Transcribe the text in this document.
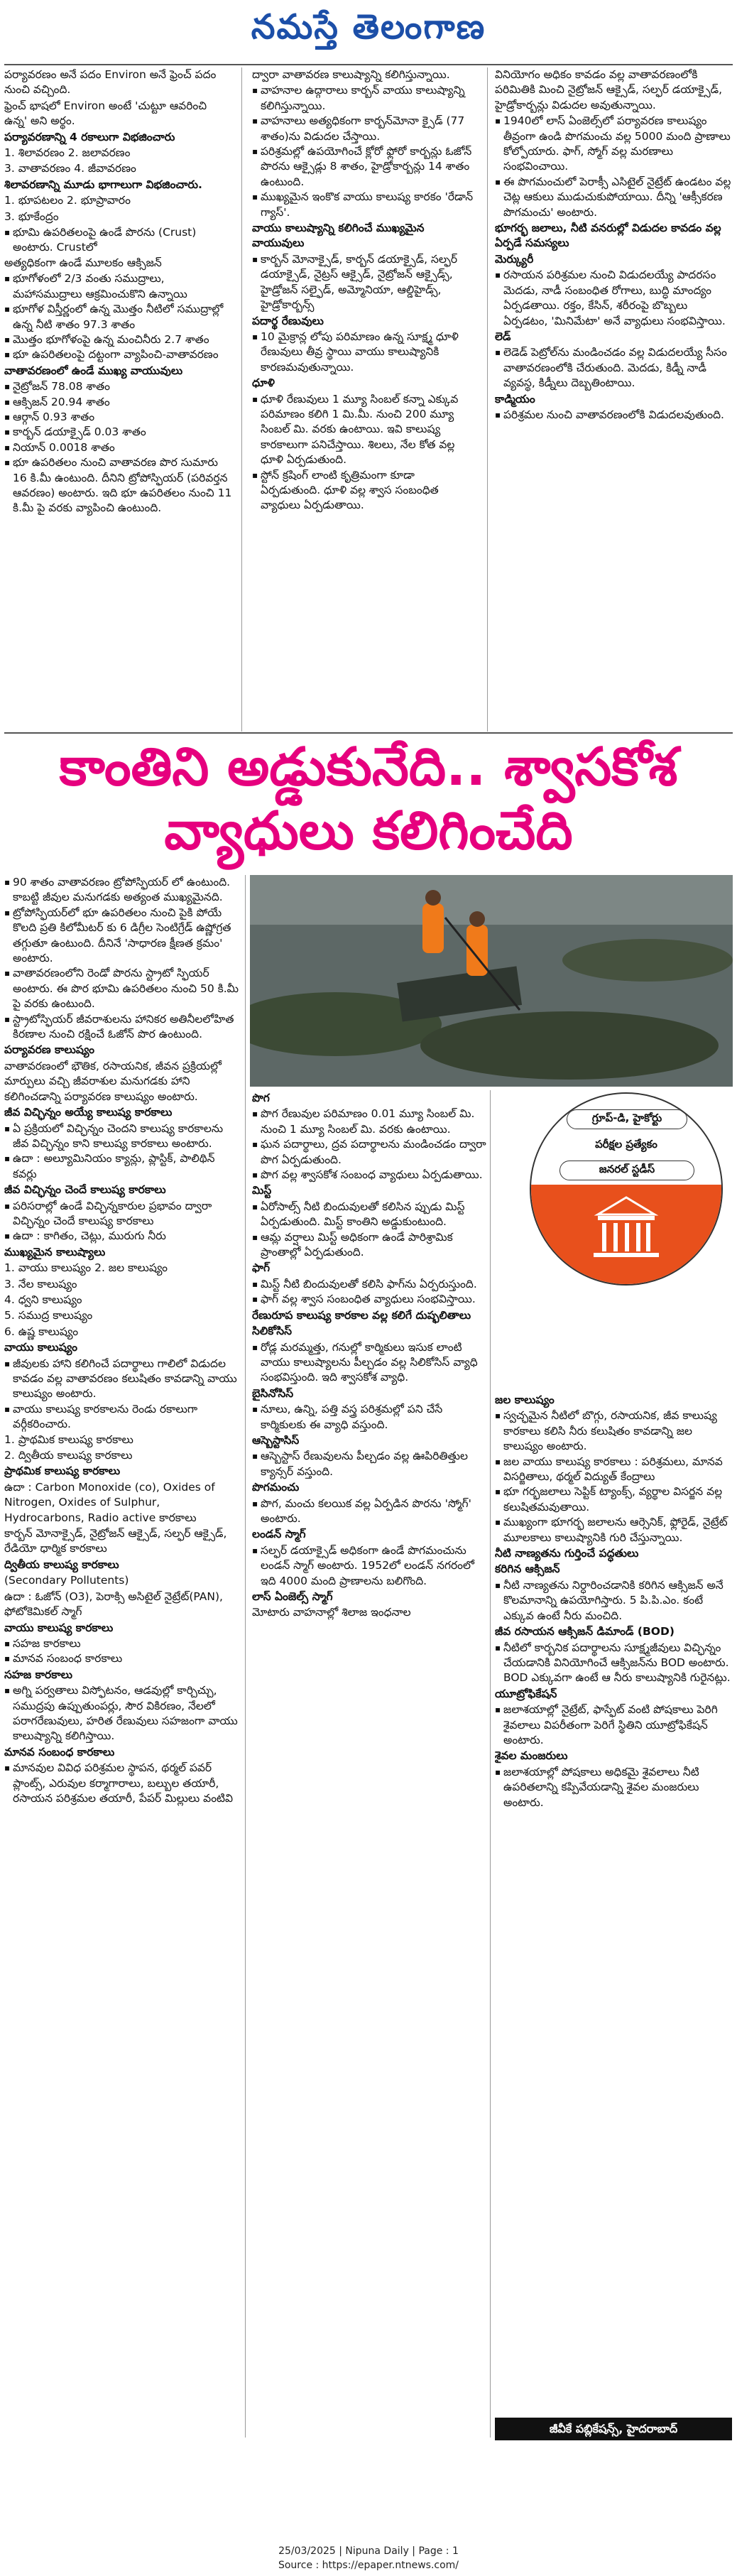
నమస్తే తెలంగాణ
పర్యావరణం అనే పదం Environ అనే ఫ్రెంచ్ పదం నుంచి వచ్చింది.
ఫ్రెంచ్ భాషలో Environ అంటే 'చుట్టూ ఆవరించి ఉన్న' అని అర్థం.
పర్యావరణాన్ని 4 రకాలుగా విభజించారు
1. శిలావరణం 2. జలావరణం
3. వాతావరణం 4. జీవావరణం
శిలావరణాన్ని మూడు భాగాలుగా విభజించారు.
1. భూపటలం 2. భూప్రావారం
3. భూకేంద్రం
▪ భూమి ఉపరితలంపై ఉండే పొరను (Crust) అంటారు. Crustలో
అత్యధికంగా ఉండే మూలకం ఆక్సిజన్
▪ భూగోళంలో 2/3 వంతు సముద్రాలు, మహాసముద్రాలు ఆక్రమించుకొని ఉన్నాయి
▪ భూగోళ విస్తీర్ణంలో ఉన్న మొత్తం నీటిలో సముద్రాల్లో ఉన్న నీటి శాతం 97.3 శాతం
▪ మొత్తం భూగోళంపై ఉన్న మంచినీరు 2.7 శాతం
▪ భూ ఉపరితలంపై దట్టంగా వ్యాపించి-వాతావరణం
వాతావరణంలో ఉండే ముఖ్య వాయువులు
▪ నైట్రోజన్ 78.08 శాతం
▪ ఆక్సిజన్ 20.94 శాతం
▪ ఆర్గాన్ 0.93 శాతం
▪ కార్బన్ డయాక్సైడ్ 0.03 శాతం
▪ నియాన్ 0.0018 శాతం
▪ భూ ఉపరితలం నుంచి వాతావరణ పొర సుమారు 16 కి.మీ ఉంటుంది. దీనిని ట్రోపోస్ఫియర్ (పరివర్తన ఆవరణం) అంటారు. ఇది భూ ఉపరితలం నుంచి 11 కి.మీ పై వరకు వ్యాపించి ఉంటుంది.
ద్వారా వాతావరణ కాలుష్యాన్ని కలిగిస్తున్నాయి.
▪ వాహనాల ఉద్గారాలు కార్బన్ వాయు కాలుష్యాన్ని కలిగిస్తున్నాయి.
▪ వాహనాలు అత్యధికంగా కార్బన్‌మోనా క్సైడ్ (77 శాతం)ను విడుదల చేస్తాయి.
▪ పరిశ్రమల్లో ఉపయోగించే క్లోరో ఫ్లోరో కార్బన్లు ఓజోన్ పొరను ఆక్సైడ్లు 8 శాతం, హైడ్రోకార్బన్లు 14 శాతం ఉంటుంది.
▪ ముఖ్యమైన ఇంకొక వాయు కాలుష్య కారకం 'రేడాన్ గ్యాస్'.
వాయు కాలుష్యాన్ని కలిగించే ముఖ్యమైన వాయువులు
▪ కార్బన్ మోనాక్సైడ్, కార్బన్ డయాక్సైడ్, సల్ఫర్ డయాక్సైడ్, నైట్రస్ ఆక్సైడ్, నైట్రోజన్ ఆక్సైడ్స్, హైడ్రోజన్ సల్ఫైడ్, అమ్మోనియా, ఆల్డిహైడ్స్, హైడ్రోకార్బన్స్
పదార్థ రేణువులు
▪ 10 మైక్రాన్ల లోపు పరిమాణం ఉన్న సూక్ష్మ ధూళి రేణువులు తీవ్ర స్థాయి వాయు కాలుష్యానికి కారణమవుతున్నాయి.
ధూళి
▪ ధూళి రేణువులు 1 మ్యూ సింబల్ కన్నా ఎక్కువ పరిమాణం కలిగి 1 మి.మీ. నుంచి 200 మ్యూ సింబల్ మి. వరకు ఉంటాయి. ఇవి కాలుష్య కారకాలుగా పనిచేస్తాయి. శిలలు, నేల కోత వల్ల ధూళి ఏర్పడుతుంది.
▪ స్టోన్ క్రషింగ్ లాంటి కృత్రిమంగా కూడా ఏర్పడుతుంది. ధూళి వల్ల శ్వాస సంబంధిత వ్యాధులు ఏర్పడుతాయి.
వినియోగం అధికం కావడం వల్ల వాతావరణంలోకి పరిమితికి మించి నైట్రోజన్ ఆక్సైడ్, సల్ఫర్ డయాక్సైడ్, హైడ్రోకార్బన్లు విడుదల అవుతున్నాయి.
▪ 1940లో లాస్ ఏంజెల్స్‌లో పర్యావరణ కాలుష్యం తీవ్రంగా ఉండి పొగమంచు వల్ల 5000 మంది ప్రాణాలు కోల్పోయారు. ఫాగ్, స్మోగ్ వల్ల మరణాలు సంభవించాయి.
▪ ఈ పొగమంచులో పెరాక్సీ ఎసిటైల్ నైట్రేట్ ఉండటం వల్ల చెట్ల ఆకులు ముడుచుకుపోయాయి. దీన్ని 'ఆక్సీకరణ పొగమంచు' అంటారు.
భూగర్భ జలాలు, నీటి వనరుల్లో విడుదల కావడం వల్ల ఏర్పడే సమస్యలు
మెర్క్యురీ
▪ రసాయన పరిశ్రమల నుంచి విడుదలయ్యే పాదరసం మెదడు, నాడీ సంబంధిత రోగాలు, బుద్ధి మాంద్యం ఏర్పడతాయి. రక్తం, కేసిన్, శరీరంపై బొబ్బలు ఏర్పడటం, 'మినిమేటా' అనే వ్యాధులు సంభవిస్తాయి.
లెడ్
▪ లెడెడ్ పెట్రోల్‌ను మండించడం వల్ల విడుదలయ్యే సీసం వాతావరణంలోకి చేరుతుంది. మెదడు, కిడ్నీ నాడీ వ్యవస్థ, కిడ్నీలు దెబ్బతింటాయి.
కాడ్మియం
▪ పరిశ్రమల నుంచి వాతావరణంలోకి విడుదలవుతుంది.
కాంతిని అడ్డుకునేది.. శ్వాసకోశ
వ్యాధులు కలిగించేది
▪ 90 శాతం వాతావరణం ట్రోపోస్ఫియర్ లో ఉంటుంది. కాబట్టి జీవుల మనుగడకు అత్యంత ముఖ్యమైనది.
▪ ట్రోపోస్ఫియర్‌లో భూ ఉపరితలం నుంచి పైకి పోయే కొలది ప్రతి కిలోమీటర్ కు 6 డిగ్రీల సెంటిగ్రేడ్ ఉష్ణోగ్రత తగ్గుతూ ఉంటుంది. దీనినే 'సాధారణ క్షీణత క్రమం' అంటారు.
▪ వాతావరణంలోని రెండో పొరను స్ట్రాటో స్ఫియర్ అంటారు. ఈ పొర భూమి ఉపరితలం నుంచి 50 కి.మీ పై వరకు ఉంటుంది.
▪ స్ట్రాటోస్ఫియర్ జీవరాశులను హానికర అతినీలలోహిత కిరణాల నుంచి రక్షించే ఓజోన్ పొర ఉంటుంది.
పర్యావరణ కాలుష్యం
వాతావరణంలో భౌతిక, రసాయనిక, జీవన ప్రక్రియల్లో మార్పులు వచ్చి జీవరాశుల మనుగడకు హాని కలిగించడాన్ని పర్యావరణ కాలుష్యం అంటారు.
జీవ విచ్ఛిన్నం అయ్యే కాలుష్య కారకాలు
▪ ఏ ప్రక్రియలో విచ్ఛిన్నం చెందని కాలుష్య కారకాలను జీవ విచ్ఛిన్నం కాని కాలుష్య కారకాలు అంటారు.
▪ ఉదా : అల్యూమినియం క్యాన్లు, ప్లాస్టిక్, పాలిథిన్ కవర్లు
జీవ విచ్ఛిన్నం చెందే కాలుష్య కారకాలు
▪ పరిసరాల్లో ఉండే విచ్ఛిన్నకారుల ప్రభావం ద్వారా విచ్ఛిన్నం చెందే కాలుష్య కారకాలు
▪ ఉదా : కాగితం, చెట్లు, మురుగు నీరు
ముఖ్యమైన కాలుష్యాలు
1. వాయు కాలుష్యం 2. జల కాలుష్యం
3. నేల కాలుష్యం
4. ధ్వని కాలుష్యం
5. సముద్ర కాలుష్యం
6. ఉష్ణ కాలుష్యం
వాయు కాలుష్యం
▪ జీవులకు హాని కలిగించే పదార్థాలు గాలిలో విడుదల కావడం వల్ల వాతావరణం కలుషితం కావడాన్ని వాయు కాలుష్యం అంటారు.
▪ వాయు కాలుష్య కారకాలను రెండు రకాలుగా వర్గీకరించారు.
1. ప్రాథమిక కాలుష్య కారకాలు
2. ద్వితీయ కాలుష్య కారకాలు
ప్రాథమిక కాలుష్య కారకాలు
ఉదా : Carbon Monoxide (co), Oxides of Nitrogen, Oxides of Sulphur, Hydrocarbons, Radio active కారకాలు
కార్బన్ మోనాక్సైడ్, నైట్రోజన్ ఆక్సైడ్, సల్ఫర్ ఆక్సైడ్, రేడియో ధార్మిక కారకాలు
ద్వితీయ కాలుష్య కారకాలు
(Secondary Pollutents)
ఉదా : ఓజోన్ (O3), పెరాక్సి అసిటైల్ నైట్రేట్(PAN), ఫోటోకెమికల్ స్మాగ్
వాయు కాలుష్య కారకాలు
▪ సహజ కారకాలు
▪ మానవ సంబంధ కారకాలు
సహజ కారకాలు
▪ అగ్ని పర్వతాలు విస్ఫోటనం, ఆడవుల్లో కార్చిచ్చు, సముద్రపు ఉప్పుతుంపర్లు, సౌర వికిరణం, నేలలో పరాగరేణువులు, హరిత రేణువులు సహజంగా వాయు కాలుష్యాన్ని కలిగిస్తాయి.
మానవ సంబంధ కారకాలు
▪ మానవుల వివిధ పరిశ్రమల స్థాపన, థర్మల్ పవర్ ప్లాంట్స్, ఎరువుల కర్మాగారాలు, బల్బుల తయారీ, రసాయన పరిశ్రమల తయారీ, పేపర్ మిల్లులు వంటివి
పొగ
▪ పొగ రేణువుల పరిమాణం 0.01 మ్యూ సింబల్ మి. నుంచి 1 మ్యూ సింబల్ మి. వరకు ఉంటాయి.
▪ ఘన పదార్థాలు, ద్రవ పదార్థాలను మండించడం ద్వారా పొగ ఏర్పడుతుంది.
▪ పొగ వల్ల శ్వాసకోశ సంబంధ వ్యాధులు ఏర్పడుతాయి.
మిస్ట్
▪ ఏరోసాల్స్ నీటి బిందువులతో కలిసిన ప్పుడు మిస్ట్ ఏర్పడుతుంది. మిస్ట్ కాంతిని అడ్డుకుంటుంది.
▪ ఆమ్ల వర్షాలు మిస్ట్ అధికంగా ఉండే పారిశ్రామిక ప్రాంతాల్లో ఏర్పడుతుంది.
ఫాగ్
▪ మిస్ట్ నీటి బిందువులతో కలిసి ఫాగ్‌ను ఏర్పరుస్తుంది.
▪ ఫాగ్ వల్ల శ్వాస సంబంధిత వ్యాధులు సంభవిస్తాయి.
రేణురూప కాలుష్య కారకాల వల్ల కలిగే దుష్ఫలితాలు
సిలికోసిస్
▪ రోడ్ల మరమ్మత్తు, గనుల్లో కార్మికులు ఇసుక లాంటి వాయు కాలుష్యాలను పీల్చడం వల్ల సిలికోసిస్ వ్యాధి సంభవిస్తుంది. ఇది శ్వాసకోశ వ్యాధి.
బైసినోసిస్
▪ నూలు, ఉన్ని, పత్తి వస్త్ర పరిశ్రమల్లో పని చేసే కార్మికులకు ఈ వ్యాధి వస్తుంది.
ఆస్బెస్టాసిస్
▪ ఆస్బెస్టాస్ రేణువులను పీల్చడం వల్ల ఊపిరితిత్తుల క్యాన్సర్ వస్తుంది.
పొగమంచు
▪ పొగ, మంచు కలయిక వల్ల ఏర్పడిన పొరను 'స్మోగ్' అంటారు.
లండన్ స్మాగ్
▪ సల్ఫర్ డయాక్సైడ్ అధికంగా ఉండే పొగమంచును లండన్ స్మాగ్ అంటారు. 1952లో లండన్ నగరంలో ఇది 4000 మంది ప్రాణాలను బలిగొంది.
లాస్ ఏంజెల్స్ స్మాగ్
మోటారు వాహనాల్లో శిలాజ ఇంధనాల
గ్రూప్-డి, హైకోర్టు
పరీక్షల ప్రత్యేకం
జనరల్ స్టడీస్
జల కాలుష్యం
▪ స్వచ్ఛమైన నీటిలో బొగ్గు, రసాయనిక, జీవ కాలుష్య కారకాలు కలిసి నీరు కలుషితం కావడాన్ని జల కాలుష్యం అంటారు.
▪ జల వాయు కాలుష్య కారకాలు : పరిశ్రమలు, మానవ విసర్జితాలు, థర్మల్ విద్యుత్ కేంద్రాలు
▪ భూ గర్భజలాలు సెప్టిక్ ట్యాంక్స్, వ్యర్థాల విసర్జన వల్ల కలుషితమవుతాయి.
▪ ముఖ్యంగా భూగర్భ జలాలను ఆర్సెనిక్, ఫ్లోరైడ్, నైట్రేట్ మూలకాలు కాలుష్యానికి గురి చేస్తున్నాయి.
నీటి నాణ్యతను గుర్తించే పద్ధతులు
కరిగిన ఆక్సిజన్
▪ నీటి నాణ్యతను నిర్ధారించడానికి కరిగిన ఆక్సిజన్ అనే కొలమానాన్ని ఉపయోగిస్తారు. 5 పి.పి.ఎం. కంటే ఎక్కువ ఉంటే నీరు మంచిది.
జీవ రసాయన ఆక్సిజన్ డిమాండ్ (BOD)
▪ నీటిలో కార్బనిక పదార్థాలను సూక్ష్మజీవులు విచ్ఛిన్నం చేయడానికి వినియోగించే ఆక్సిజన్‌ను BOD అంటారు. BOD ఎక్కువగా ఉంటే ఆ నీరు కాలుష్యానికి గురైనట్లు.
యూట్రోఫికేషన్
▪ జలాశయాల్లో నైట్రేట్, ఫాస్ఫేట్ వంటి పోషకాలు పెరిగి శైవలాలు విపరీతంగా పెరిగే స్థితిని యూట్రోఫికేషన్ అంటారు.
శైవల మంజరులు
▪ జలాశయాల్లో పోషకాలు అధికమై శైవలాలు నీటి ఉపరితలాన్ని కప్పివేయడాన్ని శైవల మంజరులు అంటారు.
జీవీకే పబ్లికేషన్స్, హైదరాబాద్
25/03/2025 | Nipuna Daily | Page : 1
Source : https://epaper.ntnews.com/
